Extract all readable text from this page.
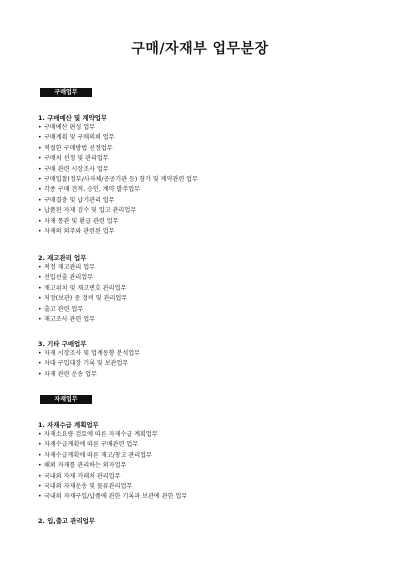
구매/자재부 업무분장
구매업무
1. 구매예산 및 계약업무
• 구매예산 편성 업무
• 구매계획 및 구매의뢰 업무
• 적절한 구매방법 선정업무
• 구매처 선정 및 관리업무
• 구매 관련 시장조사 업무
• 구매입찰(정부/사자체/공공기관 등) 참가 및 계약관련 업무
• 각종 구매 견적, 승인, 계약 발주업무
• 구매결충 및 납기관리 업무
• 납품된 자재 검수 및 입고 관리업무
• 자재 통관 및 환급 관련 업무
• 자재의 외주와 관련된 업무
2. 재고관리 업무
• 적정 재고관리 업무
• 선입선출 관리업무
• 재고위치 및 재고변호 관리업무
• 저장(보관) 중 정비 및 관리업무
• 출고 관련 업무
• 재고조사 관련 업무
3. 기타 구매업무
• 자재 시장조사 및 업계동향 분석업무
• 자대 구입대장 기록 및 보관업무
• 자재 관련 운송 업무
자재업무
1. 자재수급 계획업무
• 자재소요량 검토에 따른 자재수급 계획업무
• 자재수급계획에 따른 구매관련 업무
• 자재수급계획에 따른 재고/창고 관리업무
• 해외 자재를 관리하는 외자업무
• 국내외 자재 거래처 관리업무
• 국내외 자재운송 및 물류관리업무
• 국내외 자재구입/납품에 관한 기록과 보관에 관한 업무
2. 입,출고 관리업무
